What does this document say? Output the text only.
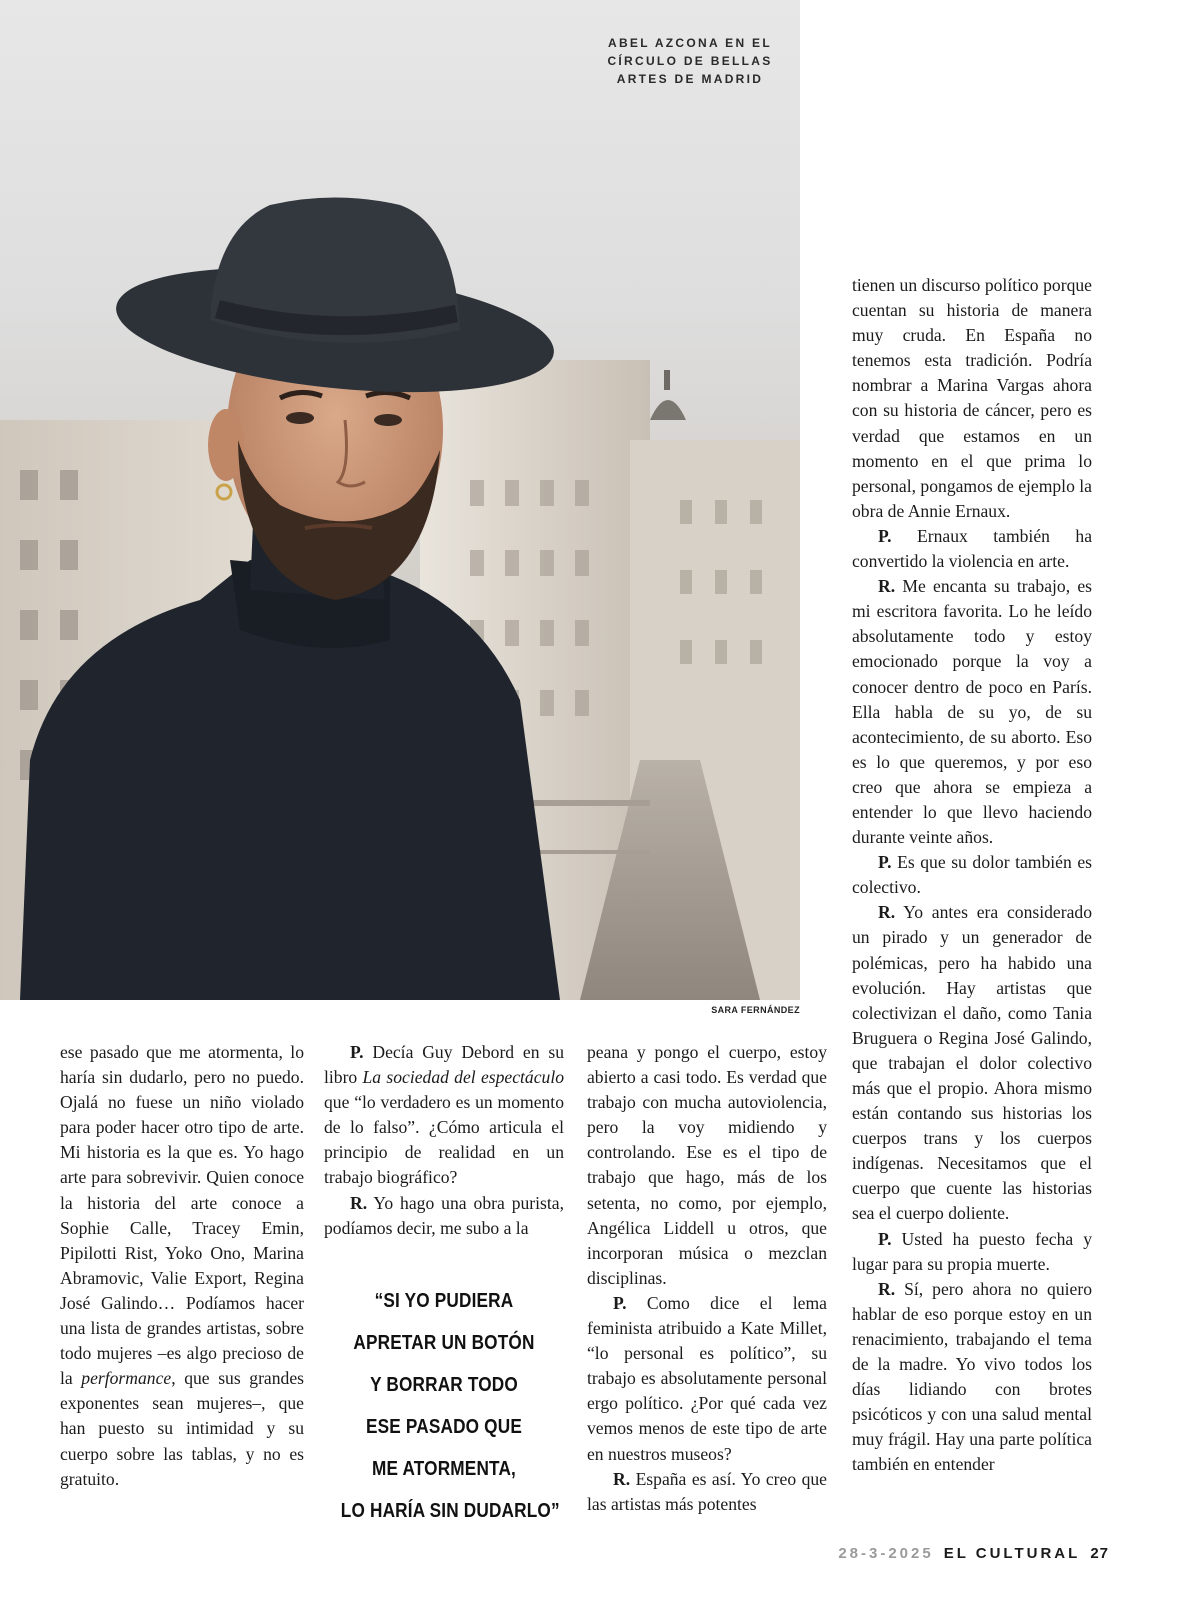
ABEL AZCONA EN EL
CÍRCULO DE BELLAS
ARTES DE MADRID
SARA FERNÁNDEZ

ese pasado que me atormenta, lo haría sin dudarlo, pero no puedo. Ojalá no fuese un niño violado para poder hacer otro tipo de arte. Mi historia es la que es. Yo hago arte para sobrevivir. Quien conoce la historia del arte conoce a Sophie Calle, Tracey Emin, Pipilotti Rist, Yoko Ono, Marina Abramovic, Valie Export, Regina José Galindo… Podíamos hacer una lista de grandes artistas, sobre todo mujeres –es algo precioso de la performance, que sus grandes exponentes sean mujeres–, que han puesto su intimidad y su cuerpo sobre las tablas, y no es gratuito.

P. Decía Guy Debord en su libro La sociedad del espectáculo que “lo verdadero es un momento de lo falso”. ¿Cómo articula el principio de realidad en un trabajo biográfico?

R. Yo hago una obra purista, podíamos decir, me subo a la

“SI YO PUDIERA
APRETAR UN BOTÓN
Y BORRAR TODO
ESE PASADO QUE
ME ATORMENTA,
LO HARÍA SIN DUDARLO”

peana y pongo el cuerpo, estoy abierto a casi todo. Es verdad que trabajo con mucha autoviolencia, pero la voy midiendo y controlando. Ese es el tipo de trabajo que hago, más de los setenta, no como, por ejemplo, Angélica Liddell u otros, que incorporan música o mezclan disciplinas.

P. Como dice el lema feminista atribuido a Kate Millet, “lo personal es político”, su trabajo es absolutamente personal ergo político. ¿Por qué cada vez vemos menos de este tipo de arte en nuestros museos?

R. España es así. Yo creo que las artistas más potentes

tienen un discurso político porque cuentan su historia de manera muy cruda. En España no tenemos esta tradición. Podría nombrar a Marina Vargas ahora con su historia de cáncer, pero es verdad que estamos en un momento en el que prima lo personal, pongamos de ejemplo la obra de Annie Ernaux.

P. Ernaux también ha convertido la violencia en arte.

R. Me encanta su trabajo, es mi escritora favorita. Lo he leído absolutamente todo y estoy emocionado porque la voy a conocer dentro de poco en París. Ella habla de su yo, de su acontecimiento, de su aborto. Eso es lo que queremos, y por eso creo que ahora se empieza a entender lo que llevo haciendo durante veinte años.

P. Es que su dolor también es colectivo.

R. Yo antes era considerado un pirado y un generador de polémicas, pero ha habido una evolución. Hay artistas que colectivizan el daño, como Tania Bruguera o Regina José Galindo, que trabajan el dolor colectivo más que el propio. Ahora mismo están contando sus historias los cuerpos trans y los cuerpos indígenas. Necesitamos que el cuerpo que cuente las historias sea el cuerpo doliente.

P. Usted ha puesto fecha y lugar para su propia muerte.

R. Sí, pero ahora no quiero hablar de eso porque estoy en un renacimiento, trabajando el tema de la madre. Yo vivo todos los días lidiando con brotes psicóticos y con una salud mental muy frágil. Hay una parte política también en entender

28-3-2025 EL CULTURAL 27
